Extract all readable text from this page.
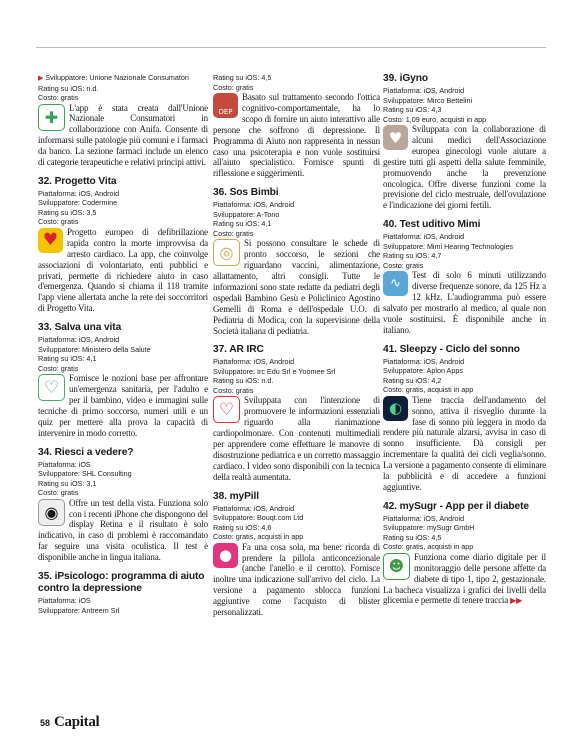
▶ Sviluppatore: Unione Nazionale Consumatori
Rating su iOS: n.d.
Costo: gratis
✚	L'app è stata creata dall'Unione Nazionale Consumatori in collaborazione con Anifa. Consente di informarsi sulle patologie più comuni e i farmaci da banco. La sezione farmaci include un elenco di categorie terapeutiche e relativi principi attivi.

32. Progetto Vita
Piattaforma: iOS, Android
Sviluppatore: Codermine
Rating su iOS: 3,5
Costo: gratis
♥ Progetto europeo di defibrillazione rapida contro la morte improvvisa da arresto cardiaco. La app, che coinvolge associazioni di volontariato, enti pubblici e privati, permette di richiedere aiuto in caso d'emergenza. Quando si chiama il 118 tramite l'app viene allertata anche la rete dei soccorritori di Progetto Vita.

33. Salva una vita
Piattaforma: iOS, Android
Sviluppatore: Ministero della Salute
Rating su iOS: 4,1
Costo: gratis
♡	Fornisce le nozioni base per affrontare un'emergenza sanitaria, per l'adulto e per il bambino, video e immagini sulle tecniche di primo soccorso, numeri utili e un quiz per mettere alla prova la capacità di intervenire in modo corretto.

34. Riesci a vedere?
Piattaforma: iOS
Sviluppatore: SHL Consulting
Rating su iOS: 3,1
Costo: gratis
◉	Offre un test della vista. Funziona solo con i recenti iPhone che dispongono del display Retina e il risultato è solo indicativo, in caso di problemi è raccomandato far seguire una visita oculistica. Il test è disponibile anche in lingua italiana.

35. iPsicologo: programma di aiuto contro la depressione
Piattaforma: iOS
Sviluppatore: Antreem Srl
Rating su iOS: 4,5
Costo: gratis
DEP

Basato sul trattamento secondo l'ottica cognitivo-comportamentale, ha lo scopo di fornire un aiuto interattivo alle persone che soffrono di depressione. Il Programma di Aiuto non rappresenta in nessun caso una psicoterapia e non vuole sostituirsi all'aiuto specialistico. Fornisce spunti di riflessione e suggerimenti.

36. Sos Bimbi
Piattaforma: iOS, Android
Sviluppatore: A-Tono
Rating su iOS: 4,1
Costo: gratis
◎	Si possono consultare le schede di pronto soccorso, le sezioni che riguardano vaccini, alimentazione, allattamento, altri consigli. Tutte le informazioni sono state redatte da pediatri degli ospedali Bambino Gesù e Policlinico Agostino Gemelli di Roma e dell'ospedale U.O. di Pediatria di Modica, con la supervisione della Società italiana di pediatria.

37. AR IRC
Piattaforma: iOS, Android
Sviluppatore: Irc Edu Srl e Yoomee Srl
Rating su iOS: n.d.
Costo: gratis
♡	Sviluppata con l'intenzione di promuovere le informazioni essenziali riguardo alla rianimazione cardiopolmonare. Con contenuti multimediali per apprendere come effettuare le manovre di disostruzione pediatrica e un corretto massaggio cardiaco. I video sono disponibili con la tecnica della realtà aumentata.

38. myPill
Piattaforma: iOS, Android
Sviluppatore: Bouqt.com Ltd
Rating su iOS: 4,6
Costo: gratis, acquisti in app
●	Fa una cosa sola, ma bene: ricorda di prendere la pillola anticoncezionale (anche l'anello e il cerotto). Fornisce inoltre una indicazione sull'arrivo del ciclo. La versione a pagamento sblocca funzioni aggiuntive come l'acquisto di blister personalizzati.

39. iGyno
Piattaforma: iOS, Android
Sviluppatore: Mirco Bettelini
Rating su iOS: 4,3
Costo: 1,09 euro, acquisti in app
♥	Sviluppata con la collaborazione di alcuni medici dell'Associazione europea ginecologi vuole aiutare a gestire tutti gli aspetti della salute femminile, promuovendo anche la prevenzione oncologica. Offre diverse funzioni come la previsione del ciclo mestruale, dell'ovulazione e l'indicazione dei giorni fertili.

40. Test uditivo Mimi
Piattaforma: iOS, Android
Sviluppatore: Mimi Hearing Technologies
Rating su iOS: 4,7
Costo: gratis
∿

Test di solo 6 minuti utilizzando diverse frequenze sonore, da 125 Hz a 12 kHz. L'audiogramma può essere salvato per mostrarlo al medico, al quale non vuole sostituirsi. È disponibile anche in italiano.

41. Sleepzy - Ciclo del sonno
Piattaforma: iOS, Android
Sviluppatore: Aplon Apps
Rating su iOS: 4,2
Costo: gratis, acquisti in app
◐	Tiene traccia dell'andamento del sonno, attiva il risveglio durante la fase di sonno più leggera in modo da rendere più naturale alzarsi, avvisa in caso di sonno insufficiente. Dà consigli per incrementare la qualità dei cicli veglia/sonno. La versione a pagamento consente di eliminare la pubblicità e di accedere a funzioni aggiuntive.

42. mySugr - App per il diabete
Piattaforma: iOS, Android
Sviluppatore: mySugr GmbH
Rating su iOS: 4,5
Costo: gratis, acquisti in app
☻

Funziona come diario digitale per il monitoraggio delle persone affette da diabete di tipo 1, tipo 2, gestazionale. La bacheca visualizza i grafici dei livelli della glicemia e permette di tenere traccia ▶▶

58 Capital
